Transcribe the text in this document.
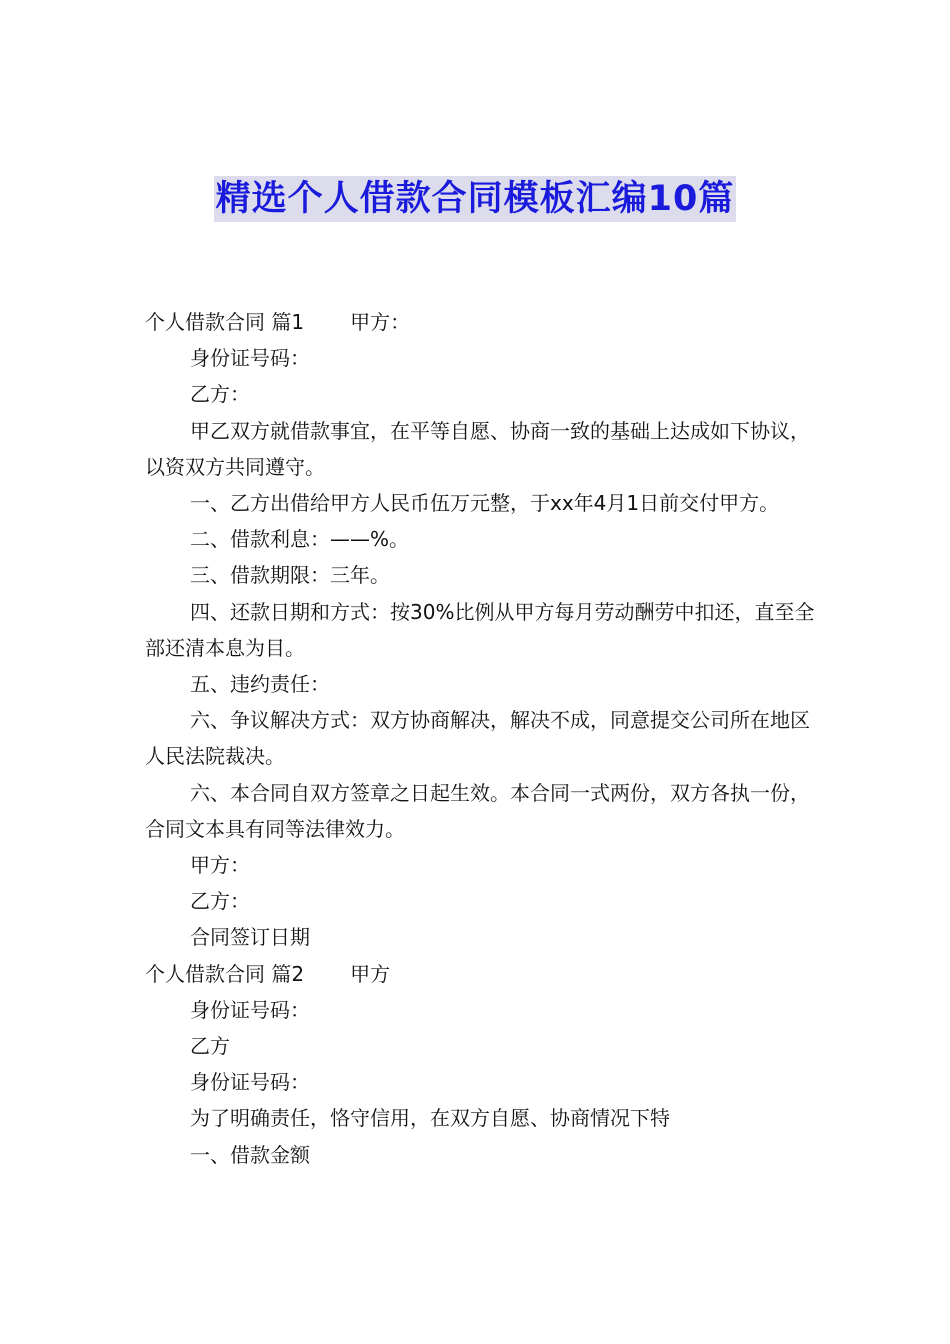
精选个人借款合同模板汇编10篇

个人借款合同 篇1 甲方：

身份证号码：

乙方：

甲乙双方就借款事宜，在平等自愿、协商一致的基础上达成如下协议，以资双方共同遵守。

一、乙方出借给甲方人民币伍万元整，于xx年4月1日前交付甲方。

二、借款利息：——%。

三、借款期限：三年。

四、还款日期和方式：按30%比例从甲方每月劳动酬劳中扣还，直至全部还清本息为目。

五、违约责任：

六、争议解决方式：双方协商解决，解决不成，同意提交公司所在地区人民法院裁决。

六、本合同自双方签章之日起生效。本合同一式两份，双方各执一份，合同文本具有同等法律效力。

甲方：

乙方：

合同签订日期

个人借款合同 篇2 甲方

身份证号码：

乙方

身份证号码：

为了明确责任，恪守信用，在双方自愿、协商情况下特

一、借款金额
